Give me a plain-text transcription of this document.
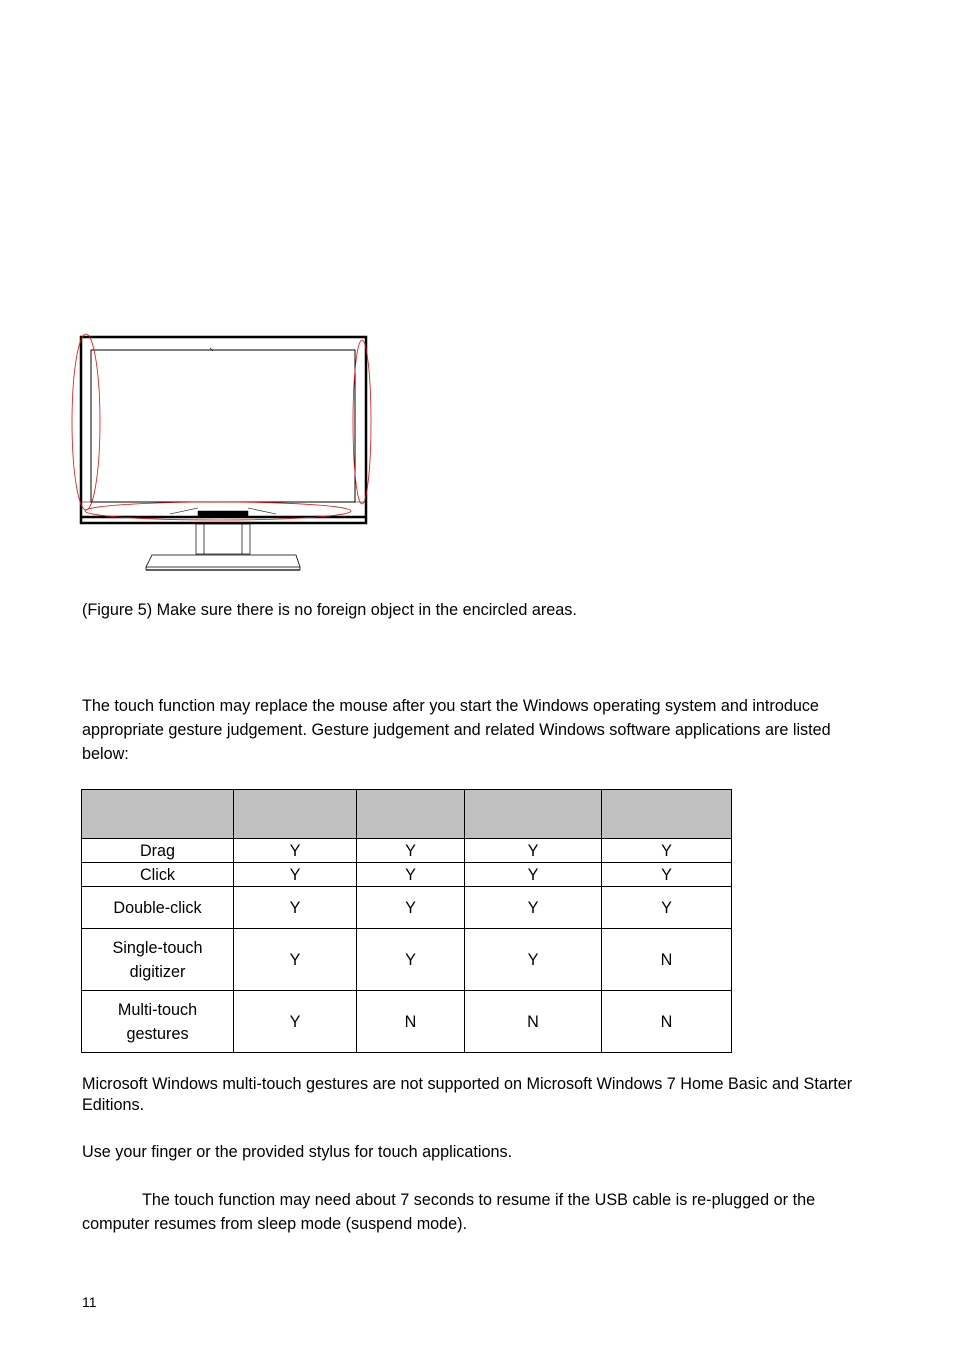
(Figure 5) Make sure there is no foreign object in the encircled areas.
The touch function may replace the mouse after you start the Windows operating system and introduce appropriate gesture judgement. Gesture judgement and related Windows software applications are listed below:

Drag	Y	Y	Y	Y
Click	Y	Y	Y	Y
Double-click	Y	Y	Y	Y
Single-touch digitizer	Y	Y	Y	N
Multi-touch gestures	Y	N	N	N
Microsoft Windows multi-touch gestures are not supported on Microsoft Windows 7 Home Basic and Starter Editions.
Use your finger or the provided stylus for touch applications.
The touch function may need about 7 seconds to resume if the USB cable is re-plugged or the computer resumes from sleep mode (suspend mode).
11
